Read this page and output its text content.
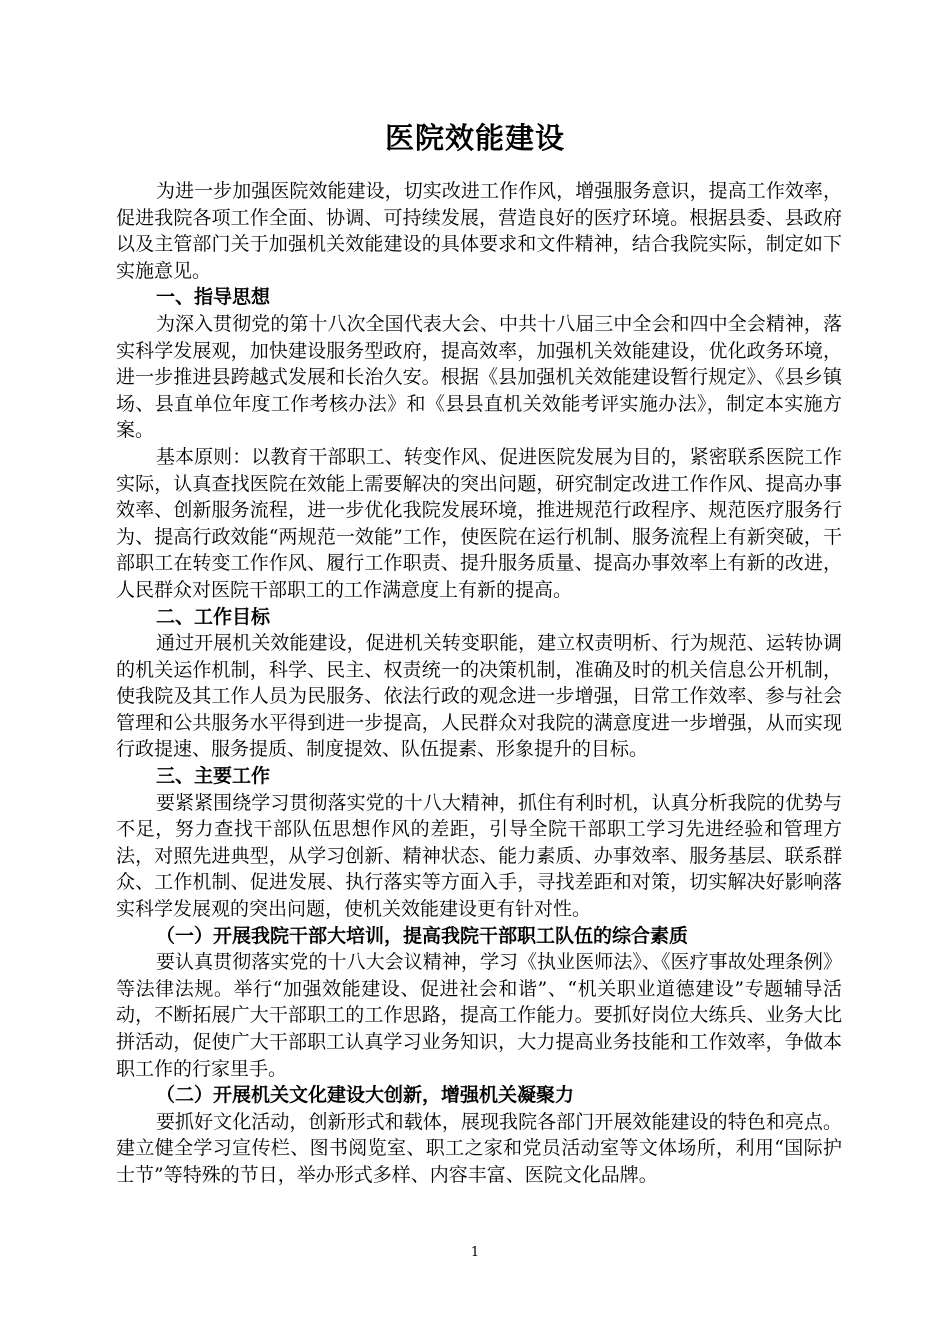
医院效能建设

为进一步加强医院效能建设，切实改进工作作风，增强服务意识，提高工作效率，促进我院各项工作全面、协调、可持续发展，营造良好的医疗环境。根据县委、县政府以及主管部门关于加强机关效能建设的具体要求和文件精神，结合我院实际，制定如下实施意见。

一、指导思想

为深入贯彻党的第十八次全国代表大会、中共十八届三中全会和四中全会精神，落实科学发展观，加快建设服务型政府，提高效率，加强机关效能建设，优化政务环境，进一步推进县跨越式发展和长治久安。根据《县加强机关效能建设暂行规定》、《县乡镇场、县直单位年度工作考核办法》和《县县直机关效能考评实施办法》，制定本实施方案。

基本原则：以教育干部职工、转变作风、促进医院发展为目的，紧密联系医院工作实际，认真查找医院在效能上需要解决的突出问题，研究制定改进工作作风、提高办事效率、创新服务流程，进一步优化我院发展环境，推进规范行政程序、规范医疗服务行为、提高行政效能“两规范一效能”工作，使医院在运行机制、服务流程上有新突破，干部职工在转变工作作风、履行工作职责、提升服务质量、提高办事效率上有新的改进，人民群众对医院干部职工的工作满意度上有新的提高。

二、工作目标

通过开展机关效能建设，促进机关转变职能，建立权责明析、行为规范、运转协调的机关运作机制，科学、民主、权责统一的决策机制，准确及时的机关信息公开机制，使我院及其工作人员为民服务、依法行政的观念进一步增强，日常工作效率、参与社会管理和公共服务水平得到进一步提高，人民群众对我院的满意度进一步增强，从而实现行政提速、服务提质、制度提效、队伍提素、形象提升的目标。

三、主要工作

要紧紧围绕学习贯彻落实党的十八大精神，抓住有利时机，认真分析我院的优势与不足，努力查找干部队伍思想作风的差距，引导全院干部职工学习先进经验和管理方法，对照先进典型，从学习创新、精神状态、能力素质、办事效率、服务基层、联系群众、工作机制、促进发展、执行落实等方面入手，寻找差距和对策，切实解决好影响落实科学发展观的突出问题，使机关效能建设更有针对性。

（一）开展我院干部大培训，提高我院干部职工队伍的综合素质

要认真贯彻落实党的十八大会议精神，学习《执业医师法》、《医疗事故处理条例》等法律法规。举行“加强效能建设、促进社会和谐”、“机关职业道德建设”专题辅导活动，不断拓展广大干部职工的工作思路，提高工作能力。要抓好岗位大练兵、业务大比拼活动，促使广大干部职工认真学习业务知识，大力提高业务技能和工作效率，争做本职工作的行家里手。

（二）开展机关文化建设大创新，增强机关凝聚力

要抓好文化活动，创新形式和载体，展现我院各部门开展效能建设的特色和亮点。建立健全学习宣传栏、图书阅览室、职工之家和党员活动室等文体场所，利用“国际护士节”等特殊的节日，举办形式多样、内容丰富、医院文化品牌。

1
